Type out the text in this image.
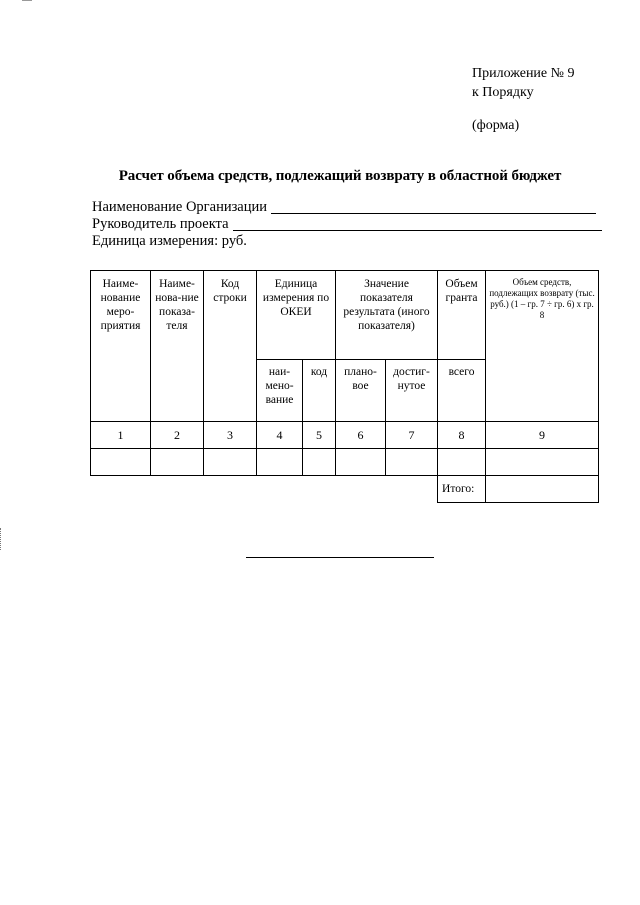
Приложение № 9
к Порядку
(форма)
Расчет объема средств, подлежащий возврату в областной бюджет
Наименование Организации
Руководитель проекта
Единица измерения: руб.
Наиме-нование меро-приятия	Наиме-нова-ние показа-теля	Код строки	Единица измерения по ОКЕИ		Значение показателя результата (иного показателя)		Объем гранта	Объем средств, подлежащих возврату (тыс. руб.) (1 – гр. 7 ÷ гр. 6) х гр. 8
			наи-мено-вание	код	плано-вое	достиг-нутое	всего	
1	2	3	4	5	6	7	8	9

							Итого:	
